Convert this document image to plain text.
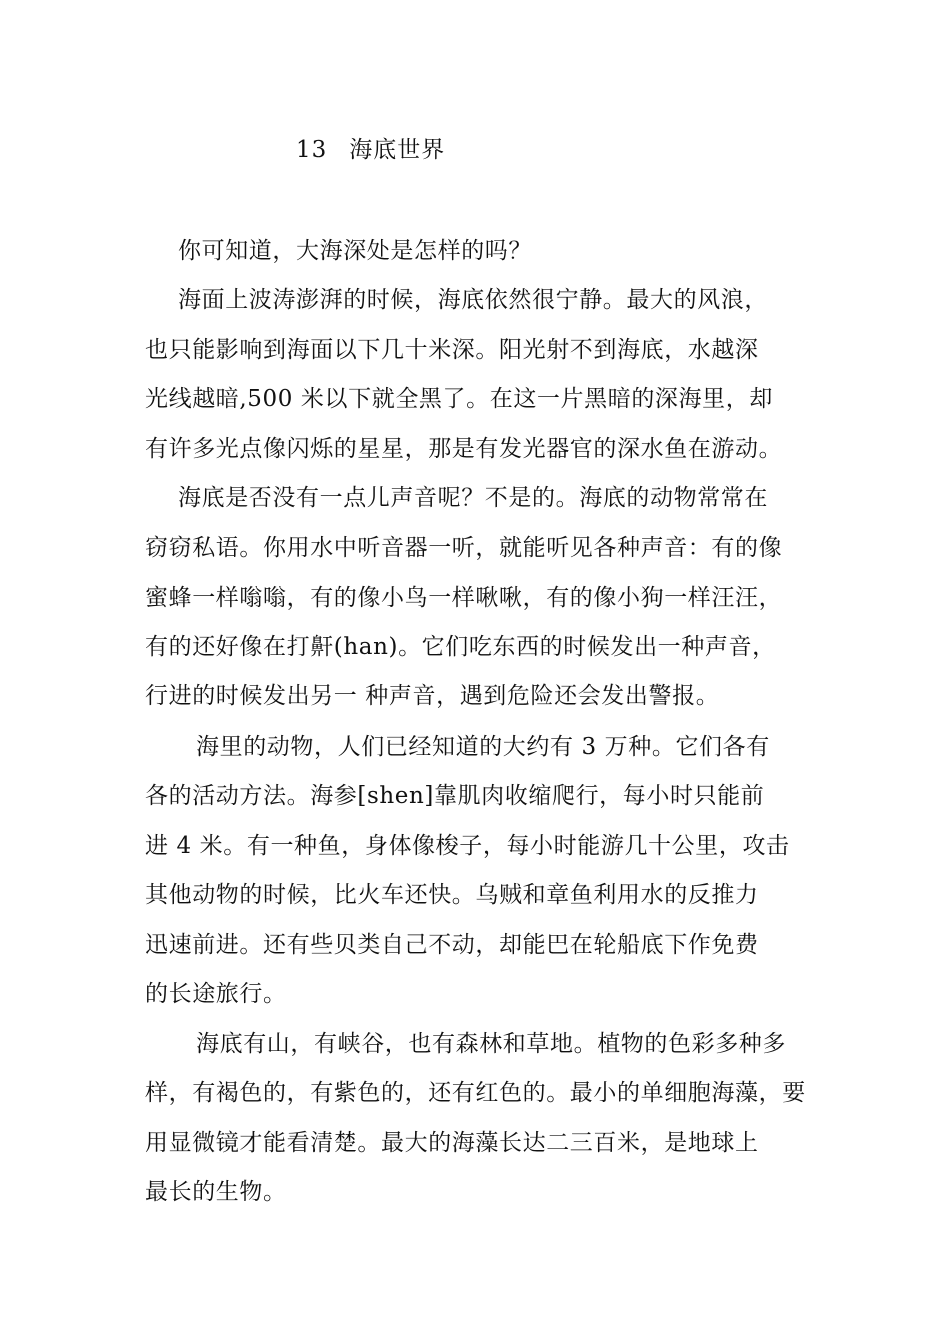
13 海底世界
你可知道，大海深处是怎样的吗？
海面上波涛澎湃的时候，海底依然很宁静。最大的风浪，
也只能影响到海面以下几十米深。阳光射不到海底，水越深
光线越暗,500 米以下就全黑了。在这一片黑暗的深海里，却
有许多光点像闪烁的星星，那是有发光器官的深水鱼在游动。
海底是否没有一点儿声音呢？不是的。海底的动物常常在
窃窃私语。你用水中听音器一听，就能听见各种声音：有的像
蜜蜂一样嗡嗡，有的像小鸟一样啾啾，有的像小狗一样汪汪，
有的还好像在打鼾(han)。它们吃东西的时候发出一种声音，
行进的时候发出另一 种声音，遇到危险还会发出警报。
海里的动物，人们已经知道的大约有 3 万种。它们各有
各的活动方法。海参[shen]靠肌肉收缩爬行，每小时只能前
进 4 米。有一种鱼，身体像梭子，每小时能游几十公里，攻击
其他动物的时候，比火车还快。乌贼和章鱼利用水的反推力
迅速前进。还有些贝类自己不动，却能巴在轮船底下作免费
的长途旅行。
海底有山，有峡谷，也有森林和草地。植物的色彩多种多
样，有褐色的，有紫色的，还有红色的。最小的单细胞海藻，要
用显微镜才能看清楚。最大的海藻长达二三百米，是地球上
最长的生物。
